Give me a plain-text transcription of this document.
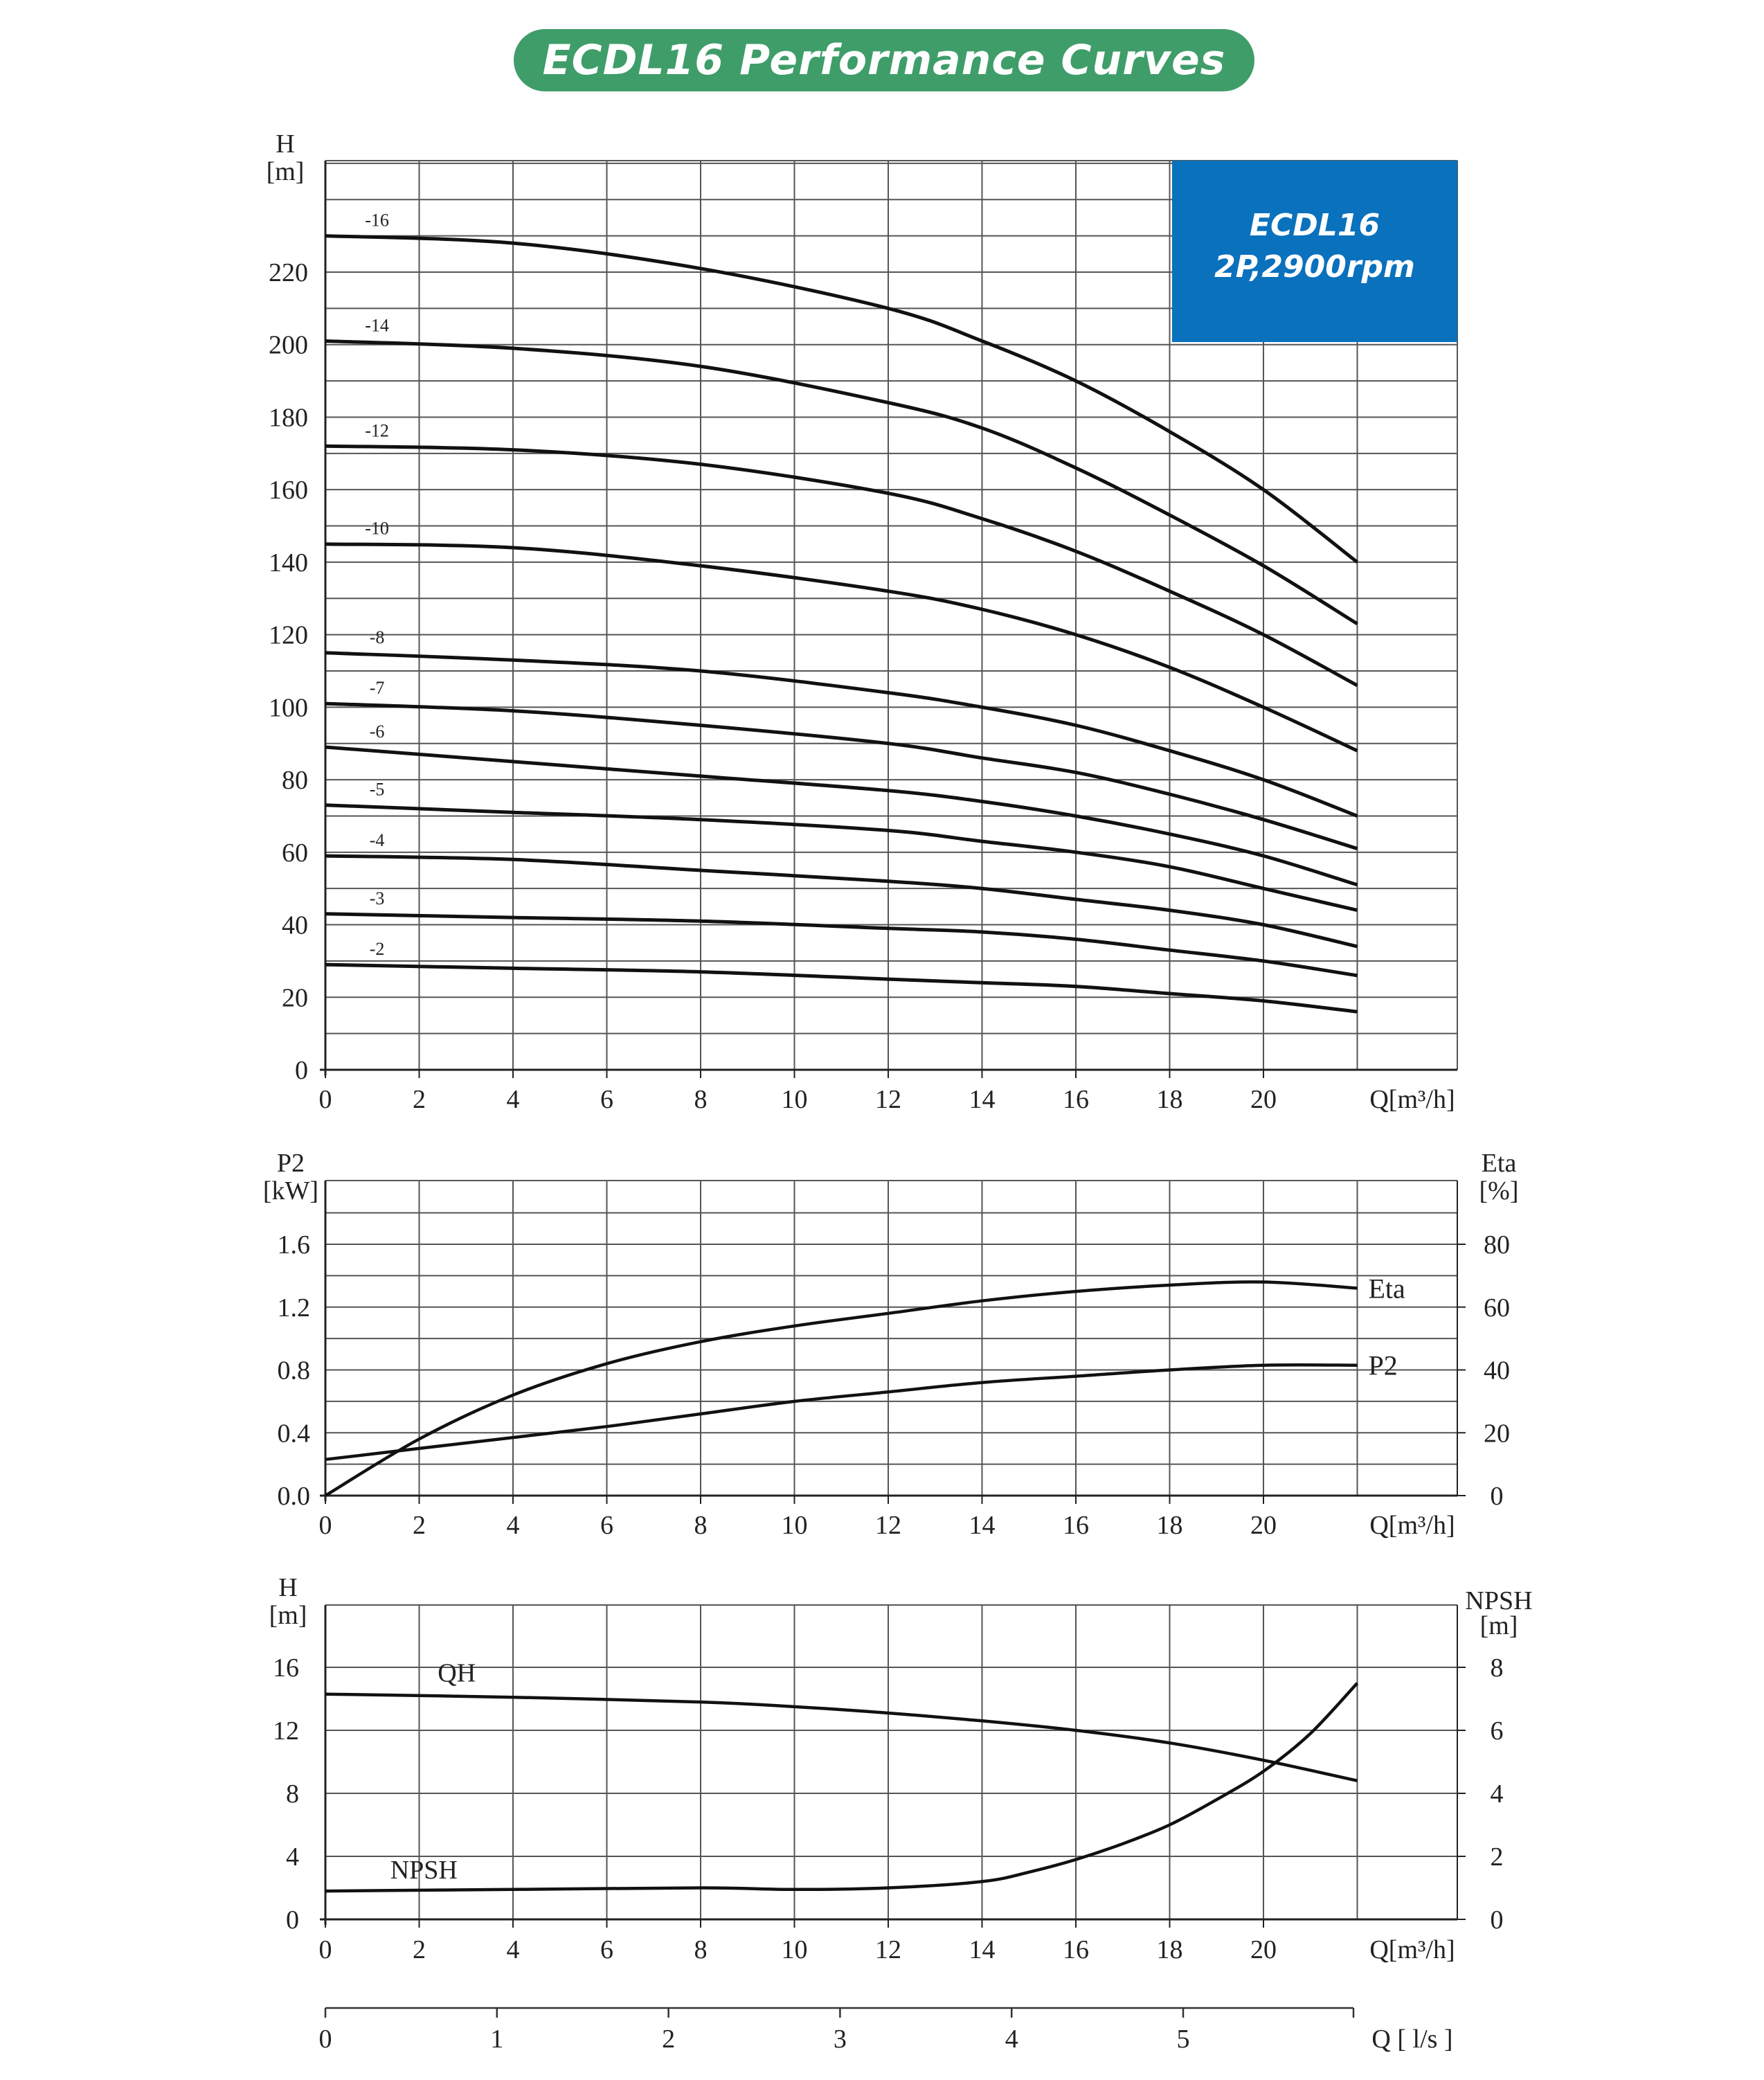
ECDL16 Performance Curves
ECDL16
2P,2900rpm
0
20
40
60
80
100
120
140
160
180
200
220
H
[m]
0	2	4	6	8	10	12	14	16	18	20	Q[m³/h]
-16
-14
-12
-10
-8
-7
-6
-5
-4
-3
-2
0.0
0.4
0.8
1.2
1.6
0
20
40
60
80
P2
[kW]
Eta
[%]
0	2	4	6	8	10	12	14	16	18	20	Q[m³/h]
Eta
P2
0
4
8
12
16
0
2
4
6
8
H
[m]	NPSH
[m]
0	2	4	6	8	10	12	14	16	18	20	Q[m³/h]
0	1	2	3	4	5	Q [ l/s ]
QH
NPSH
